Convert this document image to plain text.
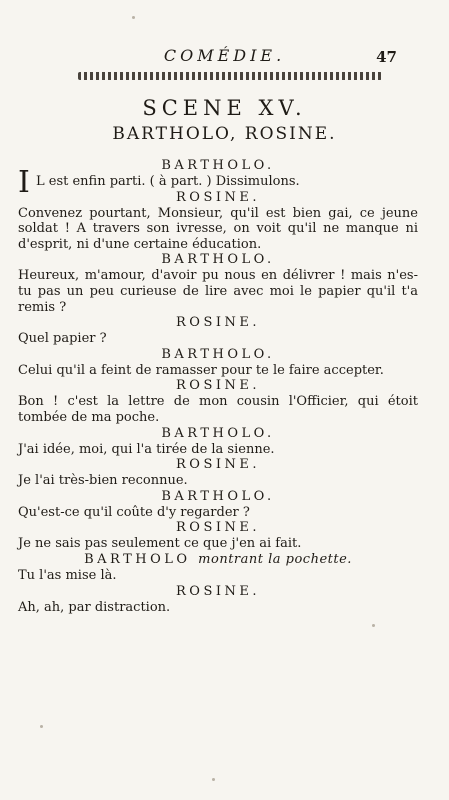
COMÉDIE.	47
SCENE XV.
BARTHOLO, ROSINE.

BARTHOLO.

I L est enfin parti. ( à part. ) Dissimulons.

ROSINE.

Convenez pourtant, Monsieur, qu'il est bien gai, ce jeune soldat ! A travers son ivresse, on voit qu'il ne manque ni d'esprit, ni d'une certaine éducation.

BARTHOLO.

Heureux, m'amour, d'avoir pu nous en délivrer ! mais n'es-tu pas un peu curieuse de lire avec moi le papier qu'il t'a remis ?

ROSINE.

Quel papier ?

BARTHOLO.

Celui qu'il a feint de ramasser pour te le faire accepter.

ROSINE.

Bon ! c'est la lettre de mon cousin l'Officier, qui étoit tombée de ma poche.

BARTHOLO.

J'ai idée, moi, qui l'a tirée de la sienne.

ROSINE.

Je l'ai très-bien reconnue.

BARTHOLO.

Qu'est-ce qu'il coûte d'y regarder ?

ROSINE.

Je ne sais pas seulement ce que j'en ai fait.

BARTHOLO montrant la pochette.

Tu l'as mise là.

ROSINE.

Ah, ah, par distraction.
